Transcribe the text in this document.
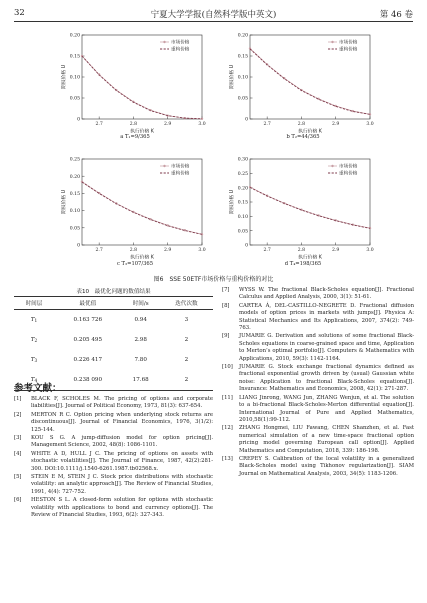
32	宁夏大学学报(自然科学版中英文)	第 46 卷
0
0.05
0.10
0.15
0.20
2.7	2.8	2.9	3.0
执行价格 K
期权价格 U
市场价格
重构价格
a T₁=9/365
0
0.05
0.10
0.15
0.20
2.7	2.8	2.9	3.0
执行价格 K
期权价格 U
市场价格
重构价格
b T₂=44/365
0
0.05
0.10
0.15
0.20
0.25
2.7	2.8	2.9	3.0
执行价格 K
期权价格 U
市场价格
重构价格
c T₃=107/365
0
0.05
0.10
0.15
0.20
0.25
0.30
2.7	2.8	2.9	3.0
执行价格 K
期权价格 U
市场价格
重构价格
d T₄=198/365
图6　SSE 50ETF市场价格与重构价格的对比
表10　最优化问题的数值结果
时间层	最优值	时间/s	迭代次数
$T_1$	0.163 726	0.94	3
$T_2$	0.205 495	2.98	2
$T_3$	0.226 417	7.80	2
$T_4$	0.238 090	17.68	2
参考文献：
[1] BLACK F, SCHOLES M. The pricing of options and corporate liabilities[J]. Journal of Political Economy, 1973, 81(3): 637-654.
[2] MERTON R C. Option pricing when underlying stock returns are discontinuous[J]. Journal of Financial Economics, 1976, 3(1/2): 125-144.
[3] KOU S G. A jump-diffusion model for option pricing[J]. Management Science, 2002, 48(8): 1086-1101.
[4] WHITE A D, HULL J C. The pricing of options on assets with stochastic volatilities[J]. The Journal of Finance, 1987, 42(2):281-300. DOI:10.1111/j.1540-6261.1987.tb02568.x.
[5] STEIN E M, STEIN J C. Stock price distributions with stochastic volatility: an analytic approach[J]. The Review of Financial Studies, 1991, 4(4): 727-752.
[6] HESTON S L. A closed-form solution for options with stochastic volatility with applications to bond and currency options[J]. The Review of Financial Studies, 1993, 6(2): 327-343.
[7] WYSS W. The fractional Black-Scholes equation[J]. Fractional Calculus and Applied Analysis, 2000, 3(1): 51-61.
[8] CARTEA Á, DEL-CASTILLO-NEGRETE D. Fractional diffusion models of option prices in markets with jumps[J]. Physica A: Statistical Mechanics and Its Applications, 2007, 374(2): 749-763.
[9] JUMARIE G. Derivation and solutions of some fractional Black-Scholes equations in coarse-grained space and time, Application to Merton’s optimal portfolio[J]. Computers & Mathematics with Applications, 2010, 59(3): 1142-1164.
[10] JUMARIE G. Stock exchange fractional dynamics defined as fractional exponential growth driven by (usual) Gaussian white noise: Application to fractional Black-Scholes equations[J]. Insurance: Mathematics and Economics, 2008, 42(1): 271-287.
[11] LIANG Jinrong, WANG Jun, ZHANG Wenjun, et al. The solution to a bi-fractional Black-Scholes-Merton differential equation[J]. International Journal of Pure and Applied Mathematics, 2010,58(1):99-112.
[12] ZHANG Hongmei, LIU Fawang, CHEN Shanzhen, et al. Fast numerical simulation of a new time-space fractional option pricing model governing European call option[J]. Applied Mathematics and Computation, 2018, 339: 186-198.
[13] CREPEY S. Calibration of the local volatility in a generalized Black-Scholes model using Tikhonov regularization[J]. SIAM Journal on Mathematical Analysis, 2003, 34(5): 1183-1206.
